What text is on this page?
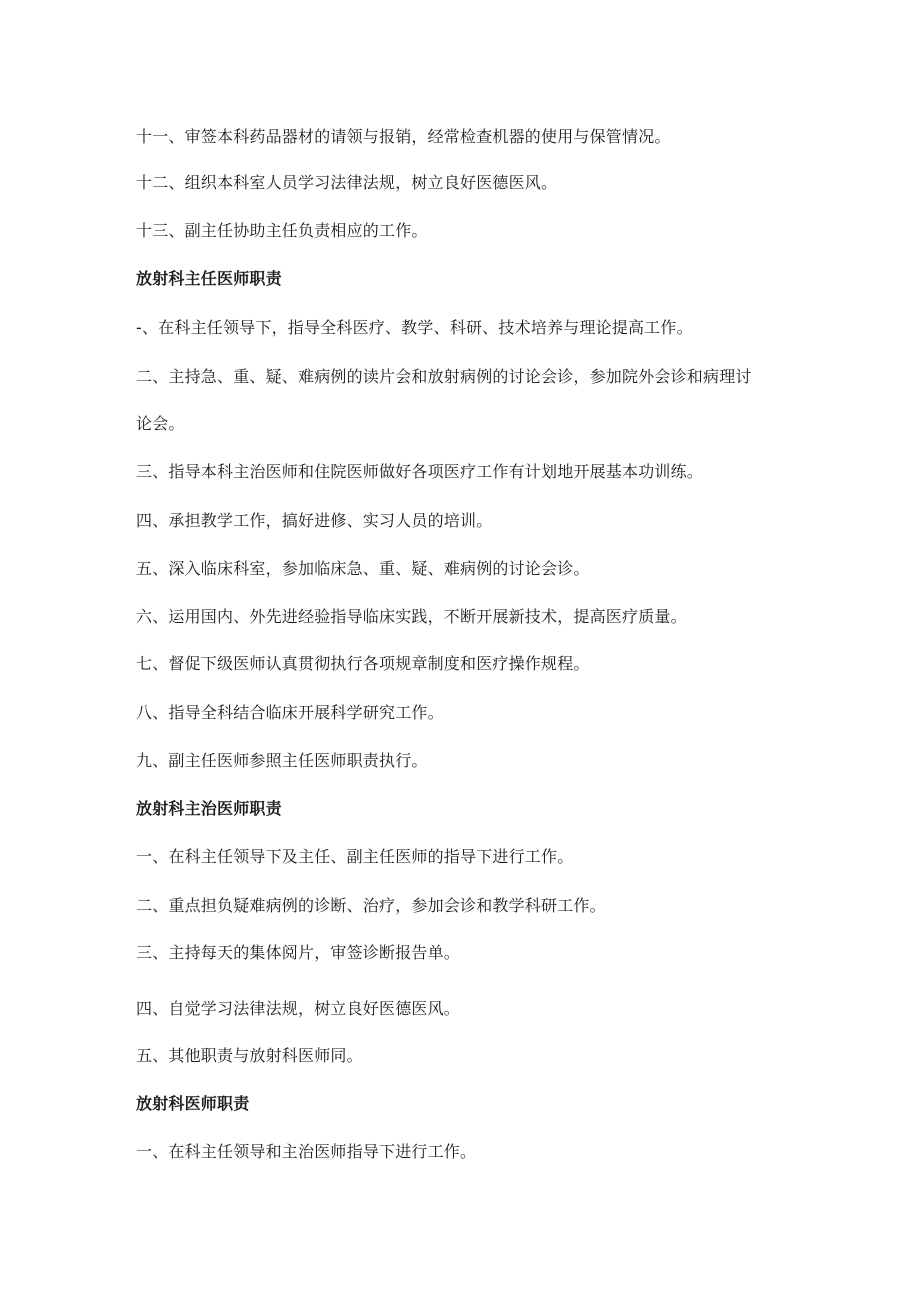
十一、审签本科药品器材的请领与报销，经常检查机器的使用与保管情况。
十二、组织本科室人员学习法律法规，树立良好医德医风。
十三、副主任协助主任负责相应的工作。
放射科主任医师职责
-、在科主任领导下，指导全科医疗、教学、科研、技术培养与理论提高工作。
二、主持急、重、疑、难病例的读片会和放射病例的讨论会诊，参加院外会诊和病理讨
论会。
三、指导本科主治医师和住院医师做好各项医疗工作有计划地开展基本功训练。
四、承担教学工作，搞好进修、实习人员的培训。
五、深入临床科室，参加临床急、重、疑、难病例的讨论会诊。
六、运用国内、外先进经验指导临床实践，不断开展新技术，提高医疗质量。
七、督促下级医师认真贯彻执行各项规章制度和医疗操作规程。
八、指导全科结合临床开展科学研究工作。
九、副主任医师参照主任医师职责执行。
放射科主治医师职责
一、在科主任领导下及主任、副主任医师的指导下进行工作。
二、重点担负疑难病例的诊断、治疗，参加会诊和教学科研工作。
三、主持每天的集体阅片，审签诊断报告单。
四、自觉学习法律法规，树立良好医德医风。
五、其他职责与放射科医师同。
放射科医师职责
一、在科主任领导和主治医师指导下进行工作。
